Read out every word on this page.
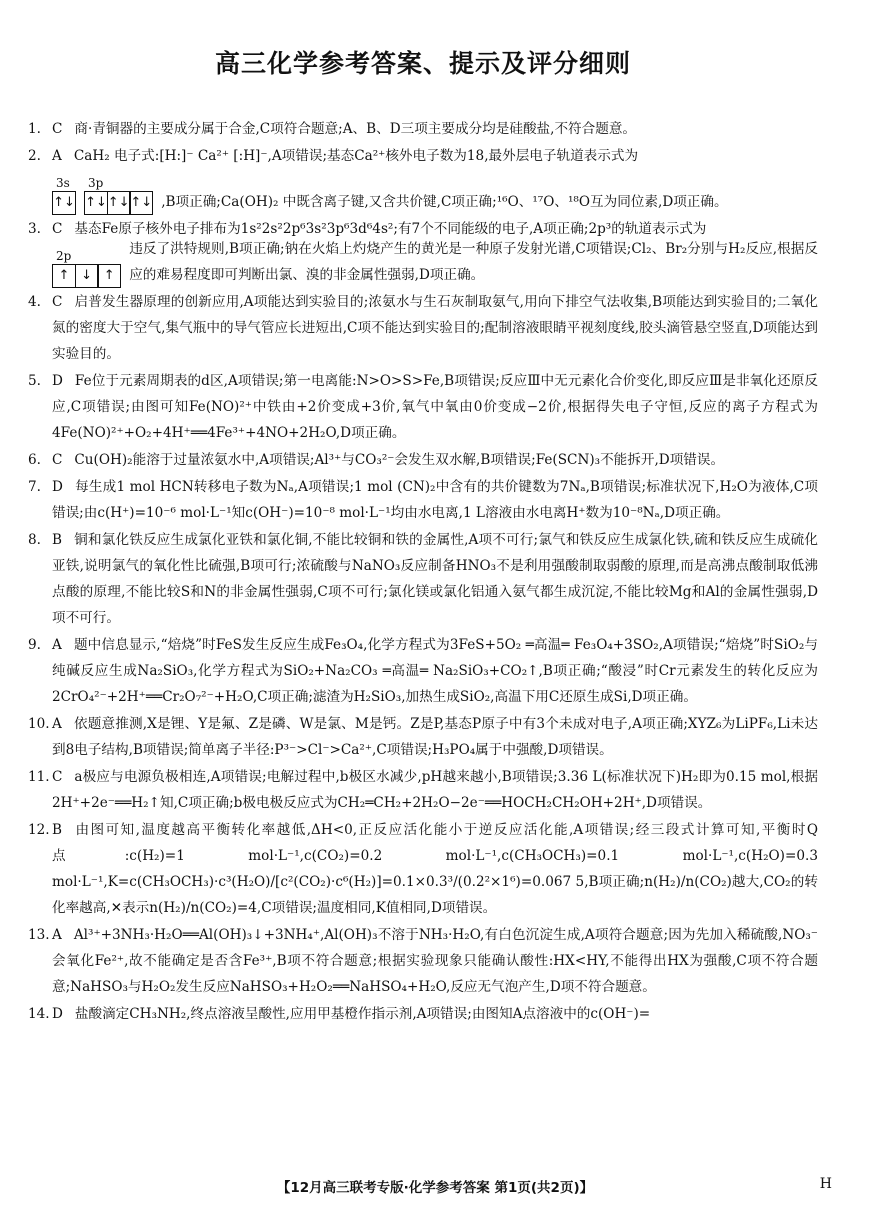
高三化学参考答案、提示及评分细则
1. C 商·青铜器的主要成分属于合金,C项符合题意;A、B、D三项主要成分均是硅酸盐,不符合题意。

2. A CaH₂ 电子式:[H:]⁻ Ca²⁺ [:H]⁻,A项错误;基态Ca²⁺核外电子数为18,最外层电子轨道表示式为

3s
↑↓
3p
↑↓ ↑↓ ↑↓ ,B项正确;Ca(OH)₂ 中既含离子键,又含共价键,C项正确;¹⁶O、¹⁷O、¹⁸O互为同位素,D项正确。
3. C 基态Fe原子核外电子排布为1s²2s²2p⁶3s²3p⁶3d⁶4s²;有7个不同能级的电子,A项正确;2p³的轨道表示式为

2p
↑ ↓ ↑
违反了洪特规则,B项正确;钠在火焰上灼烧产生的黄光是一种原子发射光谱,C项错误;Cl₂、Br₂分别与H₂反应,根据反应的难易程度即可判断出氯、溴的非金属性强弱,D项正确。
4. C 启普发生器原理的创新应用,A项能达到实验目的;浓氨水与生石灰制取氨气,用向下排空气法收集,B项能达到实验目的;二氧化氮的密度大于空气,集气瓶中的导气管应长进短出,C项不能达到实验目的;配制溶液眼睛平视刻度线,胶头滴管悬空竖直,D项能达到实验目的。

5. D Fe位于元素周期表的d区,A项错误;第一电离能:N>O>S>Fe,B项错误;反应Ⅲ中无元素化合价变化,即反应Ⅲ是非氧化还原反应,C项错误;由图可知Fe(NO)²⁺中铁由+2价变成+3价,氧气中氧由0价变成−2价,根据得失电子守恒,反应的离子方程式为4Fe(NO)²⁺+O₂+4H⁺══4Fe³⁺+4NO+2H₂O,D项正确。

6. C Cu(OH)₂能溶于过量浓氨水中,A项错误;Al³⁺与CO₃²⁻会发生双水解,B项错误;Fe(SCN)₃不能拆开,D项错误。

7. D 每生成1 mol HCN转移电子数为Nₐ,A项错误;1 mol (CN)₂中含有的共价键数为7Nₐ,B项错误;标准状况下,H₂O为液体,C项错误;由c(H⁺)=10⁻⁶ mol·L⁻¹知c(OH⁻)=10⁻⁸ mol·L⁻¹均由水电离,1 L溶液由水电离H⁺数为10⁻⁸Nₐ,D项正确。

8. B 铜和氯化铁反应生成氯化亚铁和氯化铜,不能比较铜和铁的金属性,A项不可行;氯气和铁反应生成氯化铁,硫和铁反应生成硫化亚铁,说明氯气的氧化性比硫强,B项可行;浓硫酸与NaNO₃反应制备HNO₃不是利用强酸制取弱酸的原理,而是高沸点酸制取低沸点酸的原理,不能比较S和N的非金属性强弱,C项不可行;氯化镁或氯化铝通入氨气都生成沉淀,不能比较Mg和Al的金属性强弱,D项不可行。

9. A 题中信息显示,“焙烧”时FeS发生反应生成Fe₃O₄,化学方程式为3FeS+5O₂ ═高温═ Fe₃O₄+3SO₂,A项错误;“焙烧”时SiO₂与纯碱反应生成Na₂SiO₃,化学方程式为SiO₂+Na₂CO₃ ═高温═ Na₂SiO₃+CO₂↑,B项正确;“酸浸”时Cr元素发生的转化反应为2CrO₄²⁻+2H⁺══Cr₂O₇²⁻+H₂O,C项正确;滤渣为H₂SiO₃,加热生成SiO₂,高温下用C还原生成Si,D项正确。

10. A 依题意推测,X是锂、Y是氟、Z是磷、W是氯、M是钙。Z是P,基态P原子中有3个未成对电子,A项正确;XYZ₆为LiPF₆,Li未达到8电子结构,B项错误;简单离子半径:P³⁻>Cl⁻>Ca²⁺,C项错误;H₃PO₄属于中强酸,D项错误。

11. C a极应与电源负极相连,A项错误;电解过程中,b极区水减少,pH越来越小,B项错误;3.36 L(标准状况下)H₂即为0.15 mol,根据2H⁺+2e⁻══H₂↑知,C项正确;b极电极反应式为CH₂═CH₂+2H₂O−2e⁻══HOCH₂CH₂OH+2H⁺,D项错误。

12. B 由图可知,温度越高平衡转化率越低,ΔH<0,正反应活化能小于逆反应活化能,A项错误;经三段式计算可知,平衡时Q点:c(H₂)=1 mol·L⁻¹,c(CO₂)=0.2 mol·L⁻¹,c(CH₃OCH₃)=0.1 mol·L⁻¹,c(H₂O)=0.3 mol·L⁻¹,K=c(CH₃OCH₃)·c³(H₂O)/[c²(CO₂)·c⁶(H₂)]=0.1×0.3³/(0.2²×1⁶)=0.067 5,B项正确;n(H₂)/n(CO₂)越大,CO₂的转化率越高,✕表示n(H₂)/n(CO₂)=4,C项错误;温度相同,K值相同,D项错误。

13. A Al³⁺+3NH₃·H₂O══Al(OH)₃↓+3NH₄⁺,Al(OH)₃不溶于NH₃·H₂O,有白色沉淀生成,A项符合题意;因为先加入稀硫酸,NO₃⁻会氧化Fe²⁺,故不能确定是否含Fe³⁺,B项不符合题意;根据实验现象只能确认酸性:HX<HY,不能得出HX为强酸,C项不符合题意;NaHSO₃与H₂O₂发生反应NaHSO₃+H₂O₂══NaHSO₄+H₂O,反应无气泡产生,D项不符合题意。

14. D 盐酸滴定CH₃NH₂,终点溶液呈酸性,应用甲基橙作指示剂,A项错误;由图知A点溶液中的c(OH⁻)=

【12月高三联考专版·化学参考答案 第1页(共2页)】	H
